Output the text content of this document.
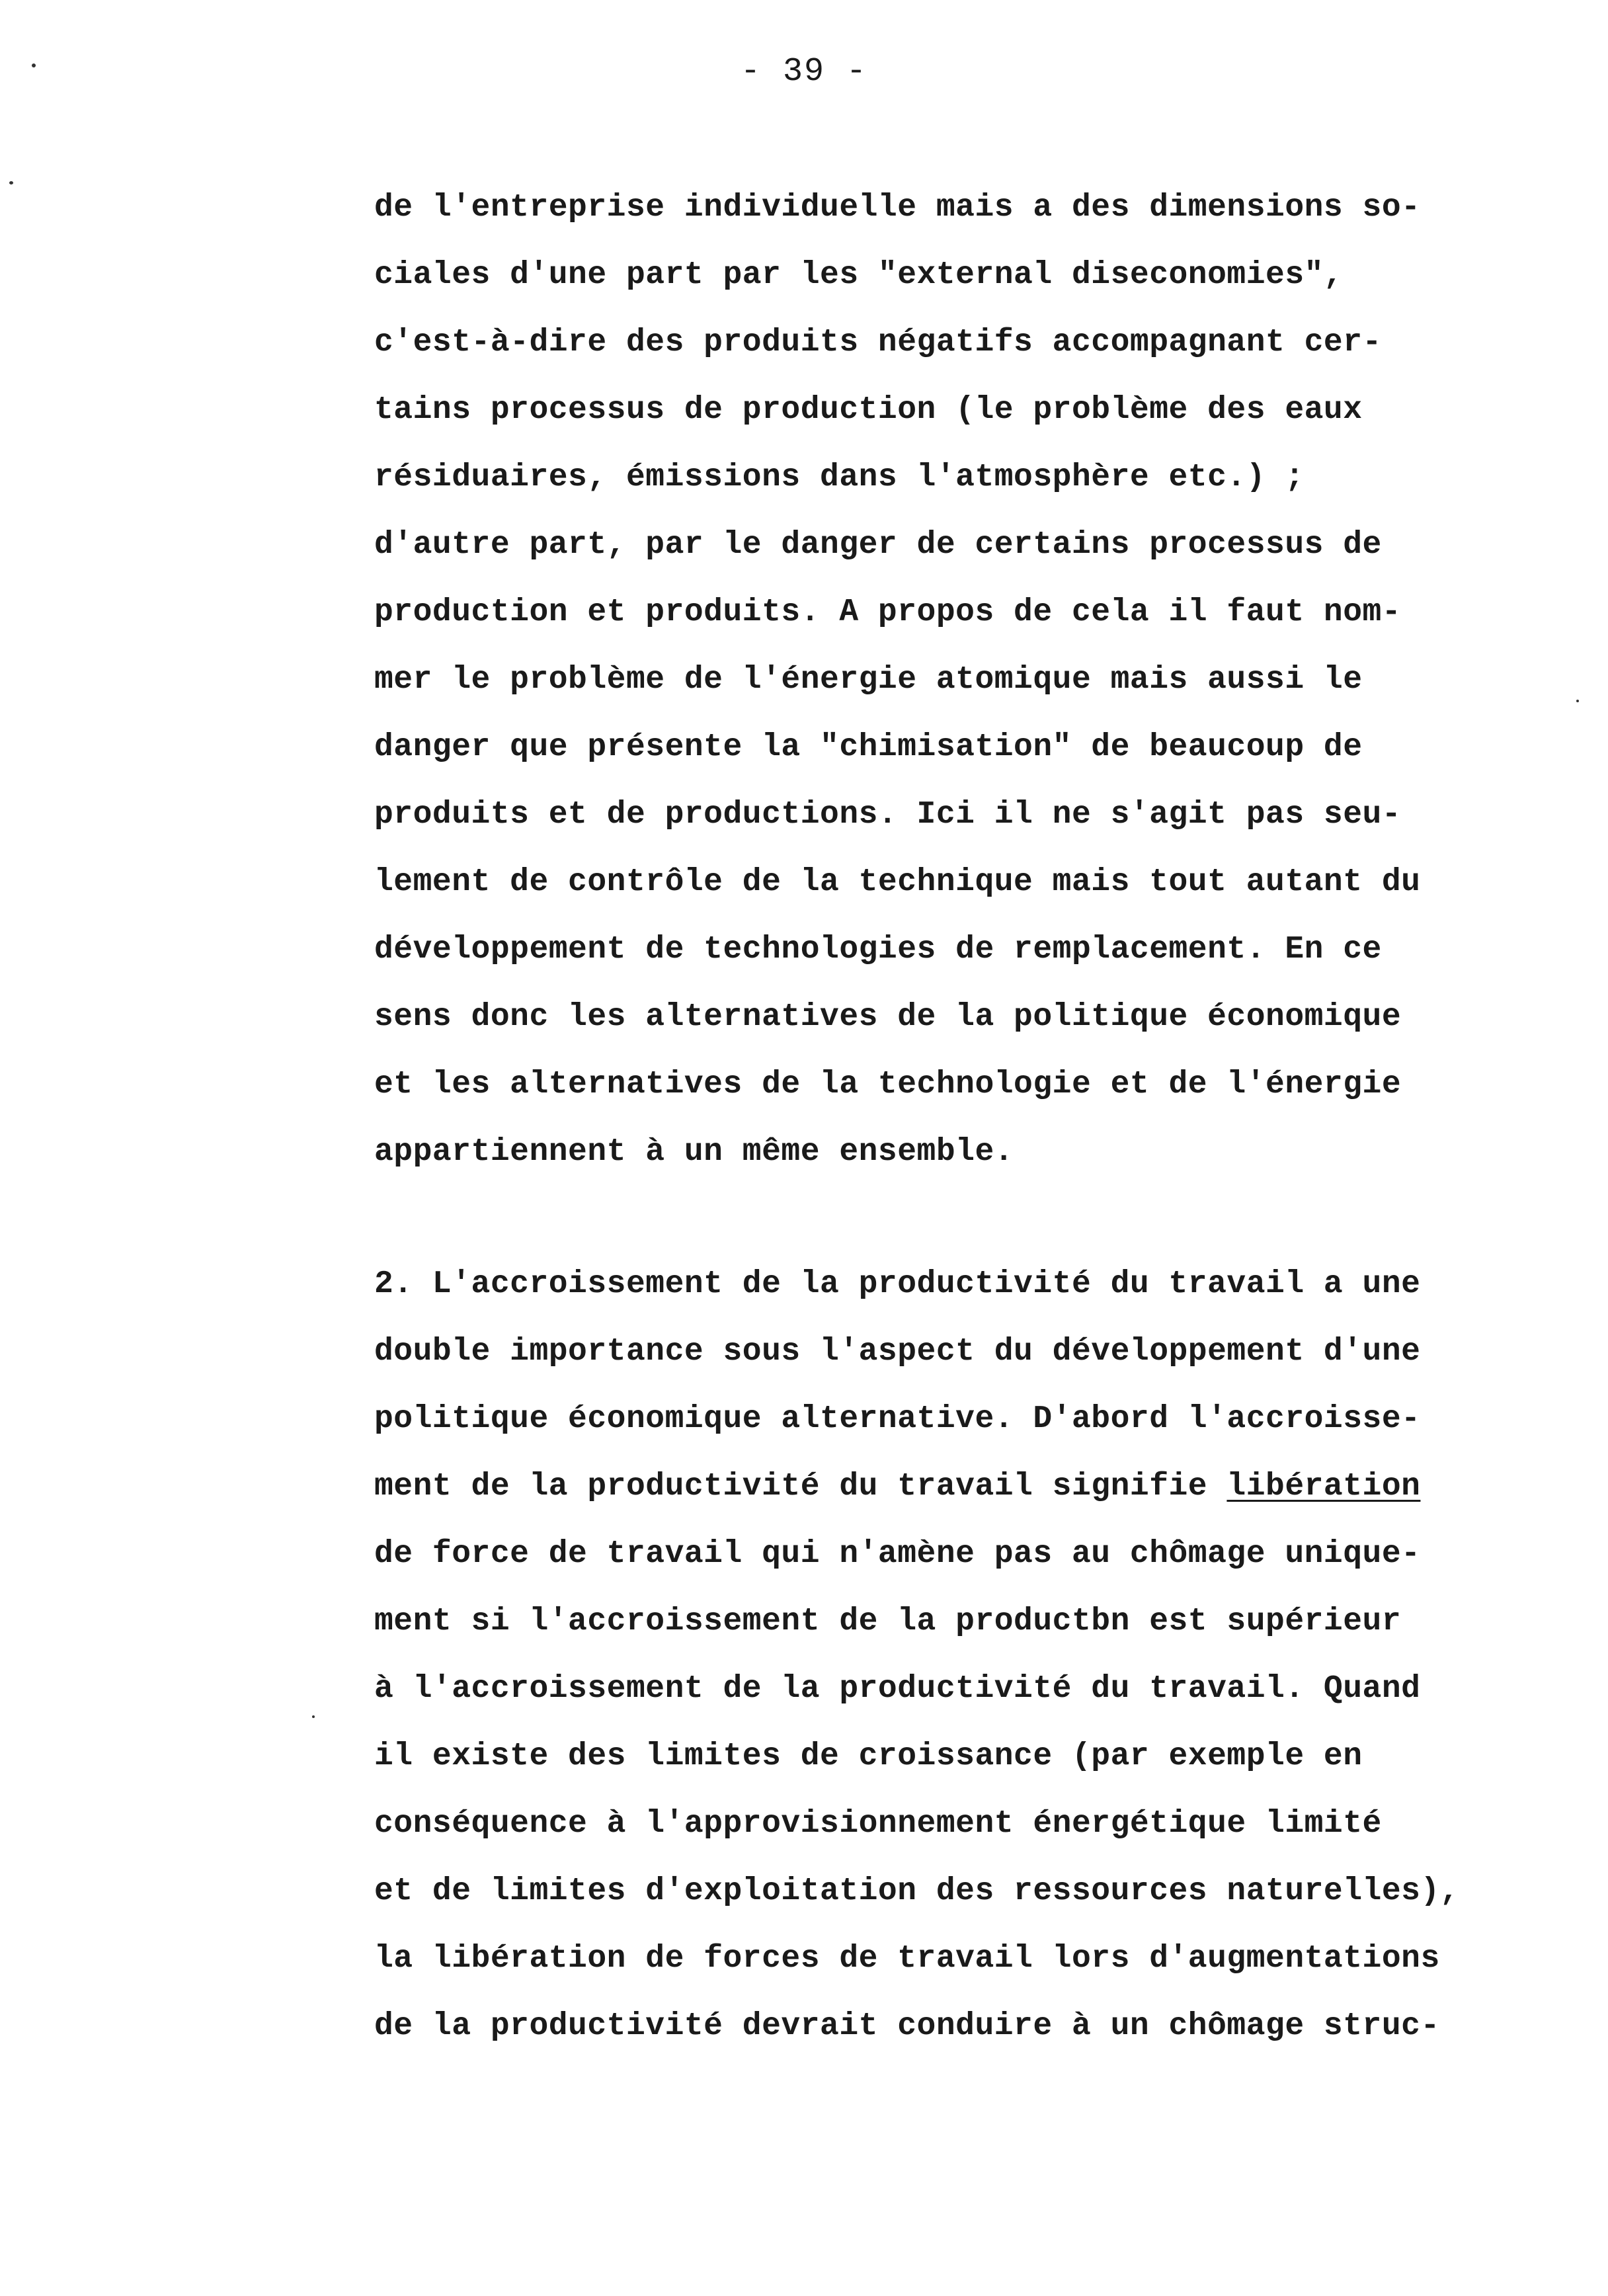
- 39 -
de l'entreprise individuelle mais a des dimensions so-
ciales d'une part par les "external diseconomies",
c'est-à-dire des produits négatifs accompagnant cer-
tains processus de production (le problème des eaux
résiduaires, émissions dans l'atmosphère etc.) ;
d'autre part, par le danger de certains processus de
production et produits. A propos de cela il faut nom-
mer le problème de l'énergie atomique mais aussi le
danger que présente la "chimisation" de beaucoup de
produits et de productions. Ici il ne s'agit pas seu-
lement de contrôle de la technique mais tout autant du
développement de technologies de remplacement. En ce
sens donc les alternatives de la politique économique
et les alternatives de la technologie et de l'énergie
appartiennent à un même ensemble.
2. L'accroissement de la productivité du travail a une
double importance sous l'aspect du développement d'une
politique économique alternative. D'abord l'accroisse-
ment de la productivité du travail signifie libération
de force de travail qui n'amène pas au chômage unique-
ment si l'accroissement de la productbn est supérieur
à l'accroissement de la productivité du travail. Quand
il existe des limites de croissance (par exemple en
conséquence à l'approvisionnement énergétique limité
et de limites d'exploitation des ressources naturelles),
la libération de forces de travail lors d'augmentations
de la productivité devrait conduire à un chômage struc-
